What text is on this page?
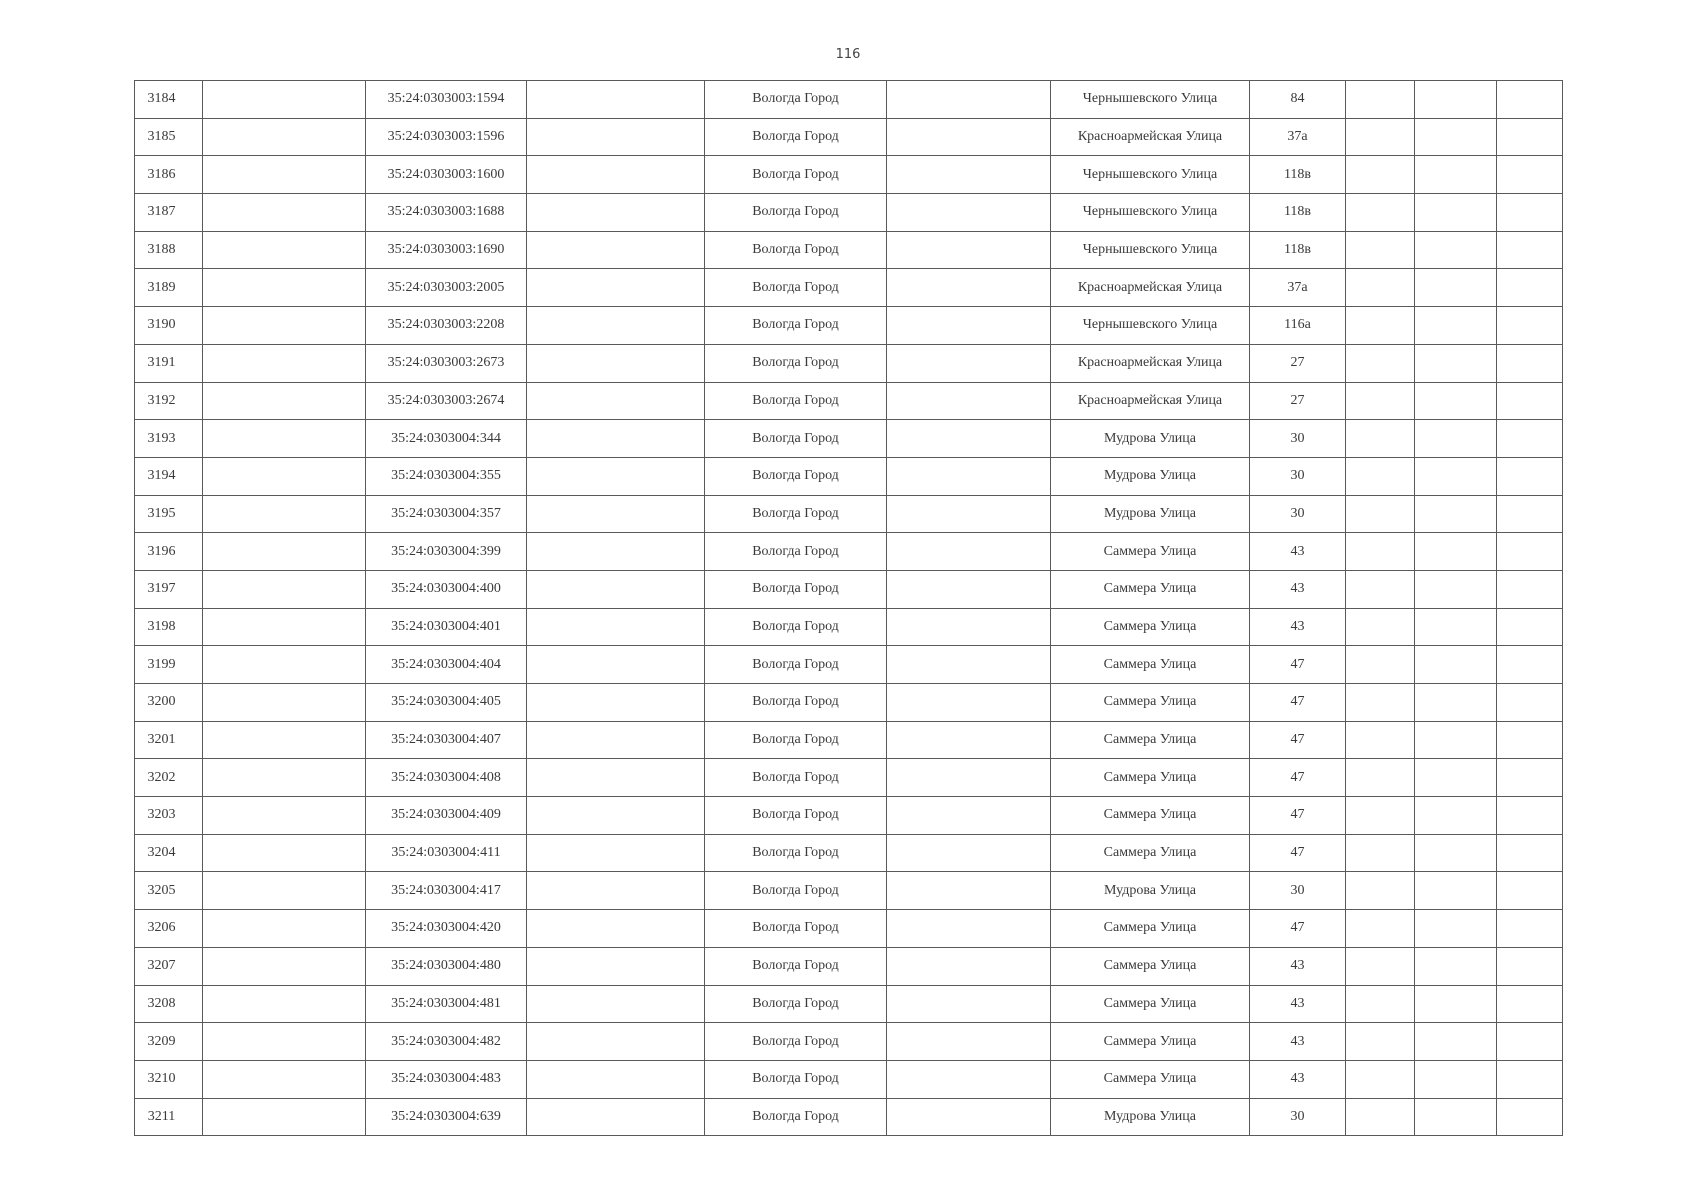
116
3184		35:24:0303003:1594		Вологда Город		Чернышевского Улица	84			
3185		35:24:0303003:1596		Вологда Город		Красноармейская Улица	37а			
3186		35:24:0303003:1600		Вологда Город		Чернышевского Улица	118в			
3187		35:24:0303003:1688		Вологда Город		Чернышевского Улица	118в			
3188		35:24:0303003:1690		Вологда Город		Чернышевского Улица	118в			
3189		35:24:0303003:2005		Вологда Город		Красноармейская Улица	37а			
3190		35:24:0303003:2208		Вологда Город		Чернышевского Улица	116а			
3191		35:24:0303003:2673		Вологда Город		Красноармейская Улица	27			
3192		35:24:0303003:2674		Вологда Город		Красноармейская Улица	27			
3193		35:24:0303004:344		Вологда Город		Мудрова Улица	30			
3194		35:24:0303004:355		Вологда Город		Мудрова Улица	30			
3195		35:24:0303004:357		Вологда Город		Мудрова Улица	30			
3196		35:24:0303004:399		Вологда Город		Саммера Улица	43			
3197		35:24:0303004:400		Вологда Город		Саммера Улица	43			
3198		35:24:0303004:401		Вологда Город		Саммера Улица	43			
3199		35:24:0303004:404		Вологда Город		Саммера Улица	47			
3200		35:24:0303004:405		Вологда Город		Саммера Улица	47			
3201		35:24:0303004:407		Вологда Город		Саммера Улица	47			
3202		35:24:0303004:408		Вологда Город		Саммера Улица	47			
3203		35:24:0303004:409		Вологда Город		Саммера Улица	47			
3204		35:24:0303004:411		Вологда Город		Саммера Улица	47			
3205		35:24:0303004:417		Вологда Город		Мудрова Улица	30			
3206		35:24:0303004:420		Вологда Город		Саммера Улица	47			
3207		35:24:0303004:480		Вологда Город		Саммера Улица	43			
3208		35:24:0303004:481		Вологда Город		Саммера Улица	43			
3209		35:24:0303004:482		Вологда Город		Саммера Улица	43			
3210		35:24:0303004:483		Вологда Город		Саммера Улица	43			
3211		35:24:0303004:639		Вологда Город		Мудрова Улица	30			
